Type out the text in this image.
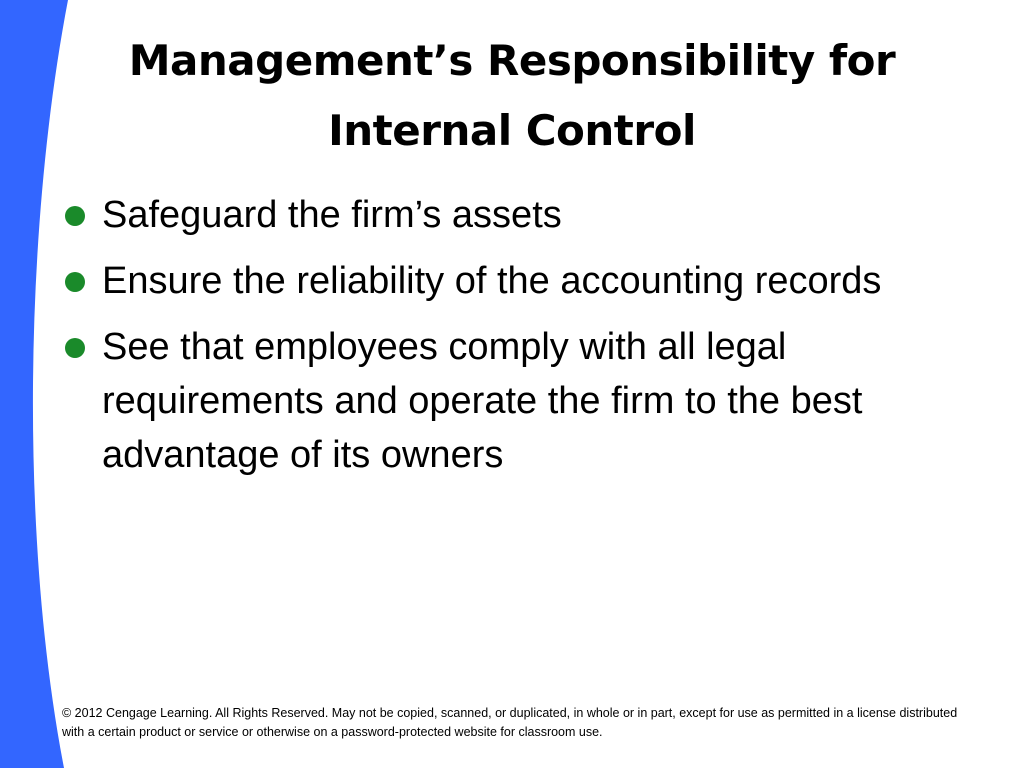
Management’s Responsibility for Internal Control
Safeguard the firm’s assets
Ensure the reliability of the accounting records
See that employees comply with all legal requirements and operate the firm to the best advantage of its owners

© 2012 Cengage Learning. All Rights Reserved. May not be copied, scanned, or duplicated, in whole or in part, except for use as permitted in a license distributed with a certain product or service or otherwise on a password-protected website for classroom use.
